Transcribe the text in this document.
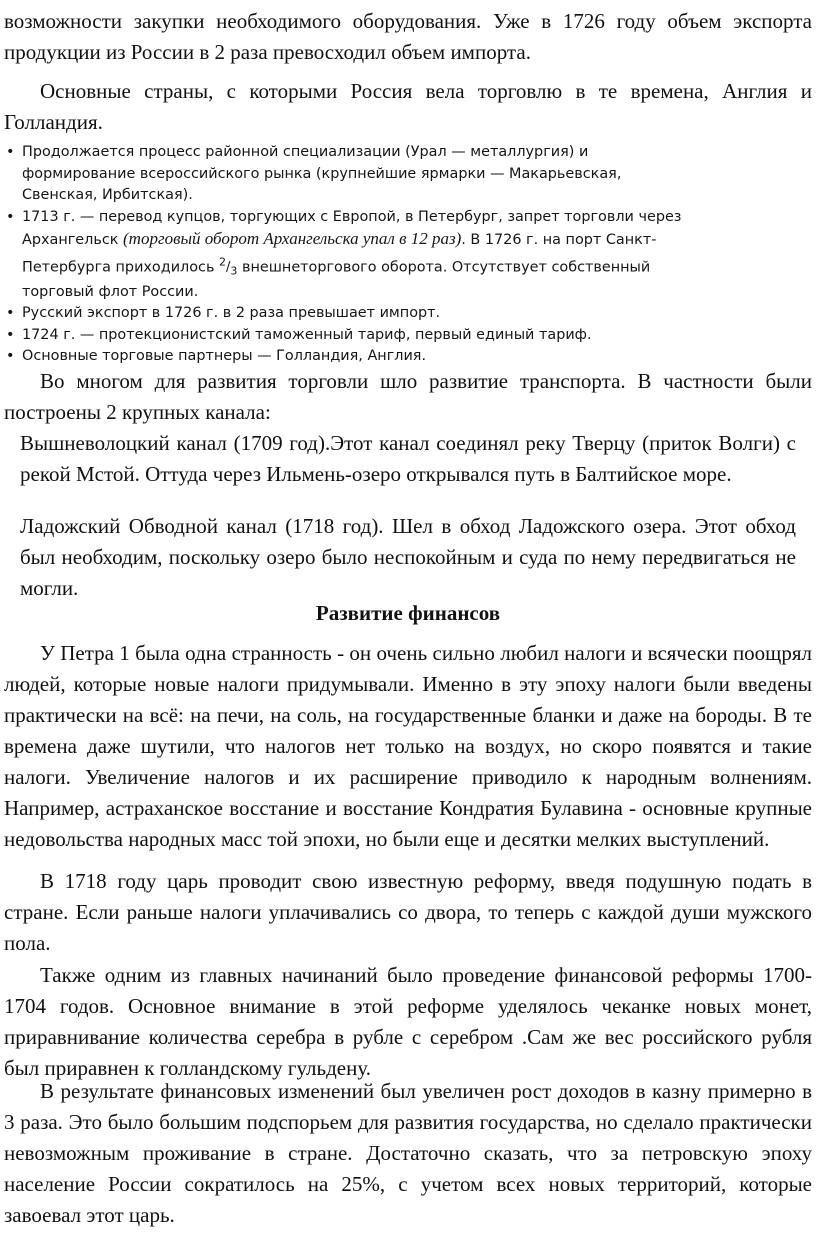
возможности закупки необходимого оборудования. Уже в 1726 году объем экспорта продукции из России в 2 раза превосходил объем импорта.

Основные страны, с которыми Россия вела торговлю в те времена, Англия и Голландия.

• Продолжается процесс районной специализации (Урал — металлургия) и формирование всероссийского рынка (крупнейшие ярмарки — Макарьевская, Свенская, Ирбитская).
• 1713 г. — перевод купцов, торгующих с Европой, в Петербург, запрет торговли через Архангельск (торговый оборот Архангельска упал в 12 раз). В 1726 г. на порт Санкт-Петербурга приходилось $^2/_3$ внешнеторгового оборота. Отсутствует собственный торговый флот России.
• Русский экспорт в 1726 г. в 2 раза превышает импорт.
• 1724 г. — протекционистский таможенный тариф, первый единый тариф.
• Основные торговые партнеры — Голландия, Англия.

Во многом для развития торговли шло развитие транспорта. В частности были построены 2 крупных канала:

Вышневолоцкий канал (1709 год).Этот канал соединял реку Тверцу (приток Волги) с рекой Мстой. Оттуда через Ильмень-озеро открывался путь в Балтийское море.

Ладожский Обводной канал (1718 год). Шел в обход Ладожского озера. Этот обход был необходим, поскольку озеро было неспокойным и суда по нему передвигаться не могли.

Развитие финансов

У Петра 1 была одна странность - он очень сильно любил налоги и всячески поощрял людей, которые новые налоги придумывали. Именно в эту эпоху налоги были введены практически на всё: на печи, на соль, на государственные бланки и даже на бороды. В те времена даже шутили, что налогов нет только на воздух, но скоро появятся и такие налоги. Увеличение налогов и их расширение приводило к народным волнениям. Например, астраханское восстание и восстание Кондратия Булавина - основные крупные недовольства народных масс той эпохи, но были еще и десятки мелких выступлений.

В 1718 году царь проводит свою известную реформу, введя подушную подать в стране. Если раньше налоги уплачивались со двора, то теперь с каждой души мужского пола.

Также одним из главных начинаний было проведение финансовой реформы 1700-1704 годов. Основное внимание в этой реформе уделялось чеканке новых монет, приравнивание количества серебра в рубле с серебром .Сам же вес российского рубля был приравнен к голландскому гульдену.

В результате финансовых изменений был увеличен рост доходов в казну примерно в 3 раза. Это было большим подспорьем для развития государства, но сделало практически невозможным проживание в стране. Достаточно сказать, что за петровскую эпоху население России сократилось на 25%, с учетом всех новых территорий, которые завоевал этот царь.
